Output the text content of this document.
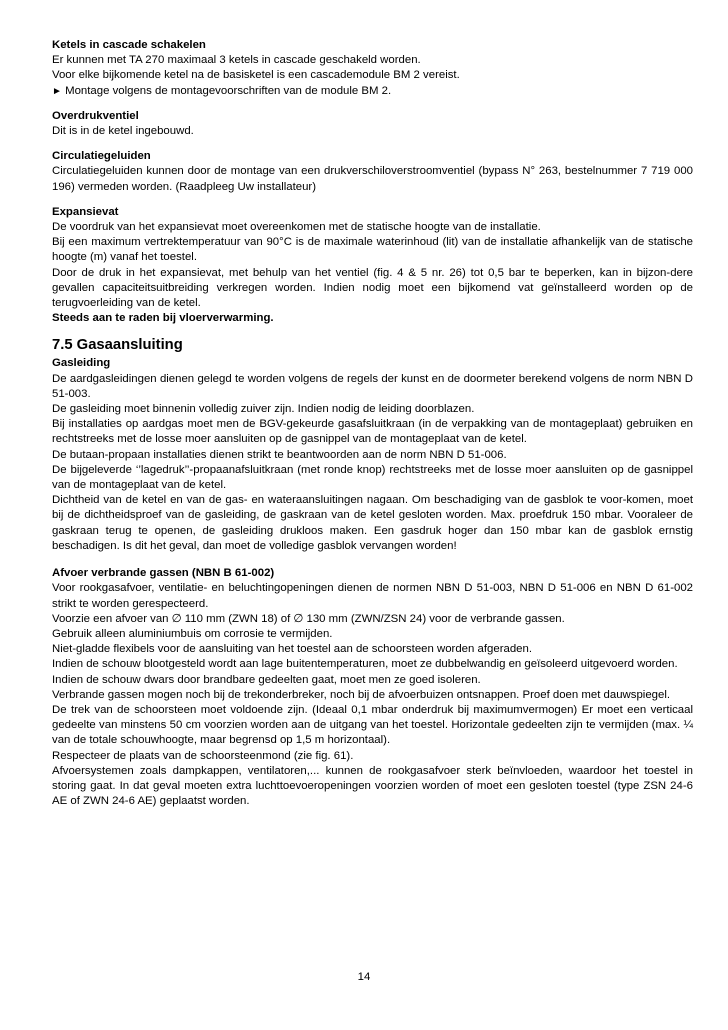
Ketels in cascade schakelen

Er kunnen met TA 270 maximaal 3 ketels in cascade geschakeld worden.

Voor elke bijkomende ketel na de basisketel is een cascademodule BM 2 vereist.

► Montage volgens de montagevoorschriften van de module BM 2.

Overdrukventiel

Dit is in de ketel ingebouwd.

Circulatiegeluiden

Circulatiegeluiden kunnen door de montage van een drukverschiloverstroomventiel (bypass N° 263, bestelnummer 7 719 000 196) vermeden worden. (Raadpleeg Uw installateur)

Expansievat

De voordruk van het expansievat moet overeenkomen met de statische hoogte van de installatie.

Bij een maximum vertrektemperatuur van 90°C is de maximale waterinhoud (lit) van de installatie afhankelijk van de statische hoogte (m) vanaf het toestel.

Door de druk in het expansievat, met behulp van het ventiel (fig. 4 & 5 nr. 26) tot 0,5 bar te beperken, kan in bijzon-dere gevallen capaciteitsuitbreiding verkregen worden. Indien nodig moet een bijkomend vat geïnstalleerd worden op de terugvoerleiding van de ketel.

Steeds aan te raden bij vloerverwarming.

7.5 Gasaansluiting

Gasleiding

De aardgasleidingen dienen gelegd te worden volgens de regels der kunst en de doormeter berekend volgens de norm NBN D 51-003.

De gasleiding moet binnenin volledig zuiver zijn. Indien nodig de leiding doorblazen.

Bij installaties op aardgas moet men de BGV-gekeurde gasafsluitkraan (in de verpakking van de montageplaat) gebruiken en rechtstreeks met de losse moer aansluiten op de gasnippel van de montageplaat van de ketel.

De butaan-propaan installaties dienen strikt te beantwoorden aan de norm NBN D 51-006.

De bijgeleverde ‘’lagedruk’’-propaanafsluitkraan (met ronde knop) rechtstreeks met de losse moer aansluiten op de gasnippel van de montageplaat van de ketel.

Dichtheid van de ketel en van de gas- en wateraansluitingen nagaan. Om beschadiging van de gasblok te voor-komen, moet bij de dichtheidsproef van de gasleiding, de gaskraan van de ketel gesloten worden. Max. proefdruk 150 mbar. Vooraleer de gaskraan terug te openen, de gasleiding drukloos maken. Een gasdruk hoger dan 150 mbar kan de gasblok ernstig beschadigen. Is dit het geval, dan moet de volledige gasblok vervangen worden!

Afvoer verbrande gassen (NBN B 61-002)

Voor rookgasafvoer, ventilatie- en beluchtingopeningen dienen de normen NBN D 51-003, NBN D 51-006 en NBN D 61-002 strikt te worden gerespecteerd.

Voorzie een afvoer van ∅ 110 mm (ZWN 18) of ∅ 130 mm (ZWN/ZSN 24) voor de verbrande gassen.

Gebruik alleen aluminiumbuis om corrosie te vermijden.

Niet-gladde flexibels voor de aansluiting van het toestel aan de schoorsteen worden afgeraden.

Indien de schouw blootgesteld wordt aan lage buitentemperaturen, moet ze dubbelwandig en geïsoleerd uitgevoerd worden.

Indien de schouw dwars door brandbare gedeelten gaat, moet men ze goed isoleren.

Verbrande gassen mogen noch bij de trekonderbreker, noch bij de afvoerbuizen ontsnappen. Proef doen met dauwspiegel.

De trek van de schoorsteen moet voldoende zijn. (Ideaal 0,1 mbar onderdruk bij maximumvermogen) Er moet een verticaal gedeelte van minstens 50 cm voorzien worden aan de uitgang van het toestel. Horizontale gedeelten zijn te vermijden (max. ¼ van de totale schouwhoogte, maar begrensd op 1,5 m horizontaal).

Respecteer de plaats van de schoorsteenmond (zie fig. 61).

Afvoersystemen zoals dampkappen, ventilatoren,... kunnen de rookgasafvoer sterk beïnvloeden, waardoor het toestel in storing gaat. In dat geval moeten extra luchttoevoeropeningen voorzien worden of moet een gesloten toestel (type ZSN 24-6 AE of ZWN 24-6 AE) geplaatst worden.

14
